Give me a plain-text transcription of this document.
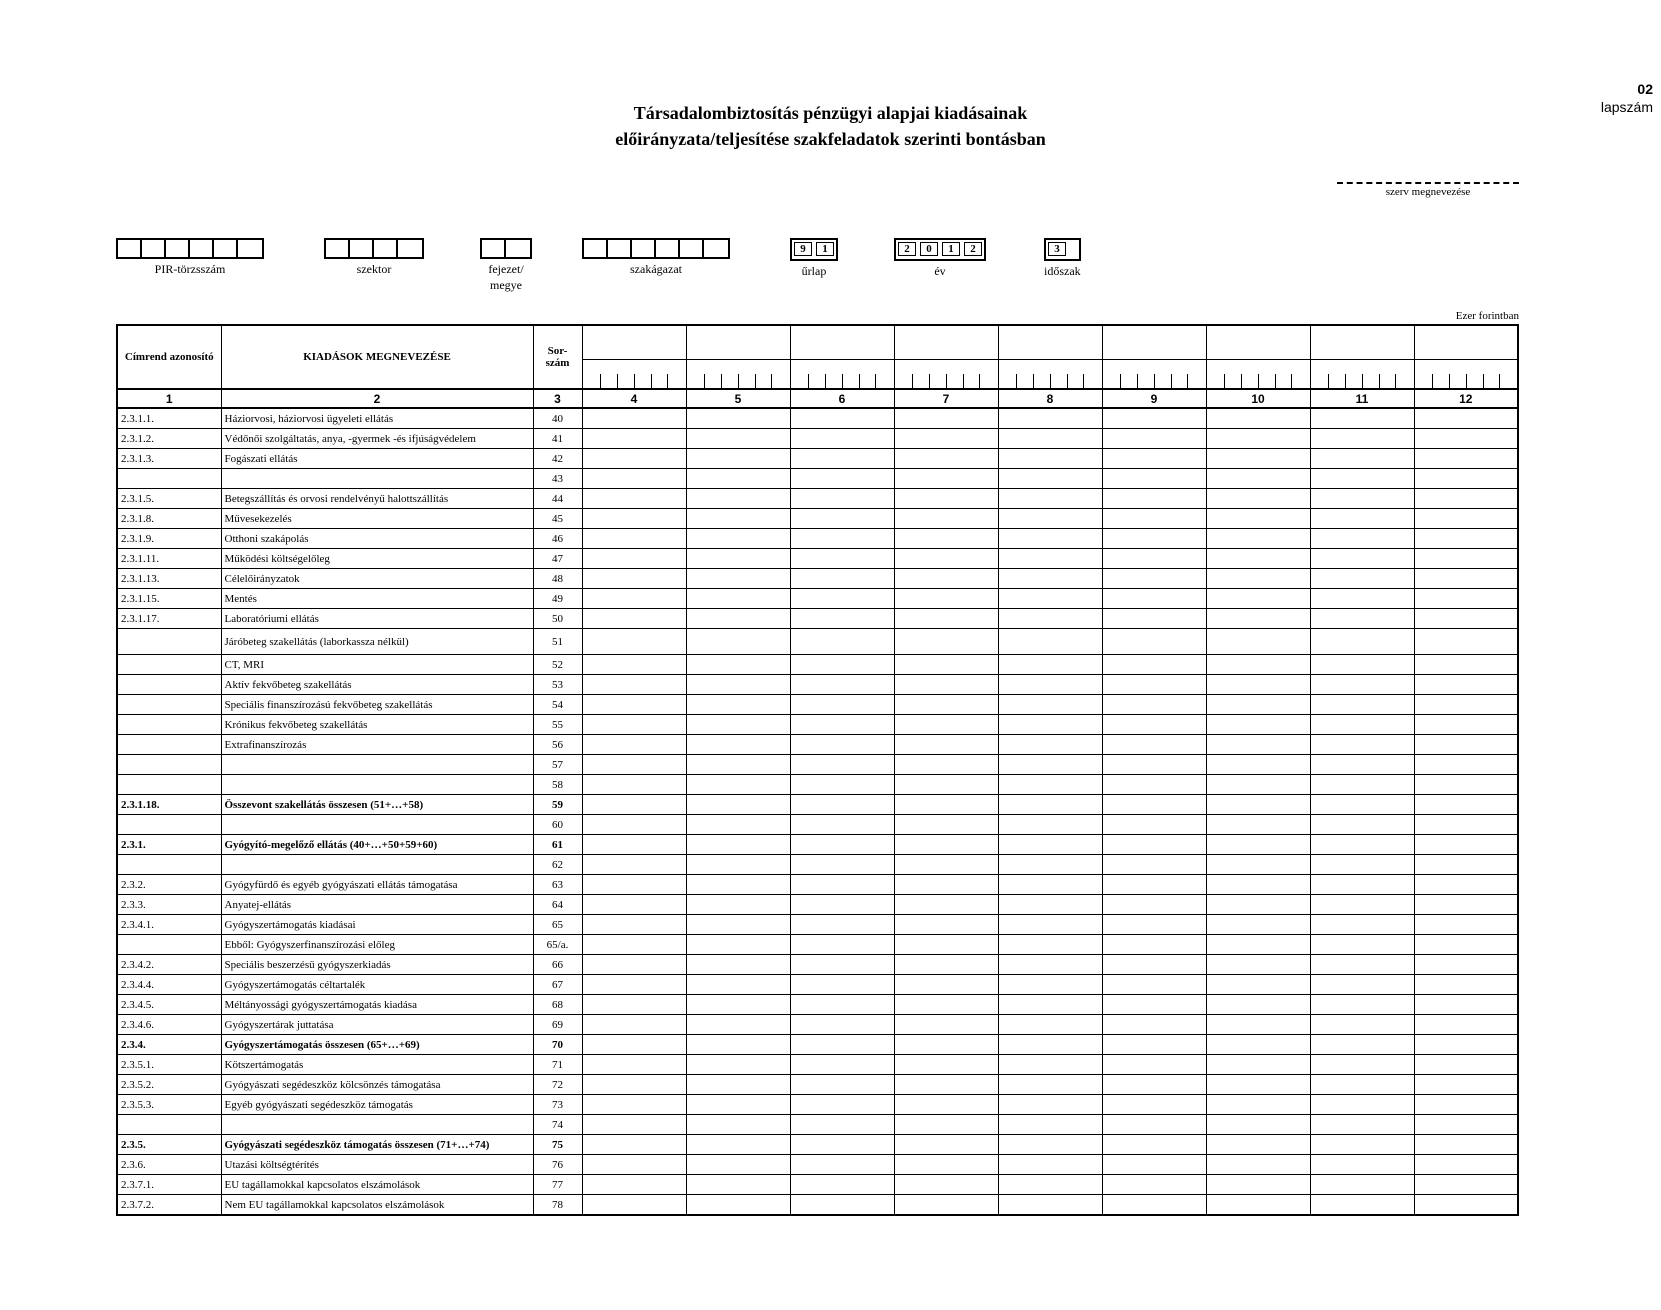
Társadalombiztosítás pénzügyi alapjai kiadásainak
előirányzata/teljesítése szakfeladatok szerinti bontásban
02
lapszám
szerv megnevezése
PIR-törzsszám	szektor	fejezet/
megye
szakágazat
9	1
űrlap
2	0	1	2
év
3
időszak
Ezer forintban
Címrend azonosító	KIADÁSOK MEGNEVEZÉSE	Sor-
szám									

1	2	3	4	5	6	7	8	9	10	11	12
2.3.1.1.	Háziorvosi, háziorvosi ügyeleti ellátás	40									
2.3.1.2.	Védőnői szolgáltatás, anya, -gyermek -és ifjúságvédelem	41									
2.3.1.3.	Fogászati ellátás	42									
		43									
2.3.1.5.	Betegszállítás és orvosi rendelvényű halottszállítás	44									
2.3.1.8.	Művesekezelés	45									
2.3.1.9.	Otthoni szakápolás	46									
2.3.1.11.	Működési költségelőleg	47									
2.3.1.13.	Célelőirányzatok	48									
2.3.1.15.	Mentés	49									
2.3.1.17.	Laboratóriumi ellátás	50									
	Járóbeteg szakellátás (laborkassza nélkül)	51									
	CT, MRI	52									
	Aktív fekvőbeteg szakellátás	53									
	Speciális finanszírozású fekvőbeteg szakellátás	54									
	Krónikus fekvőbeteg szakellátás	55									
	Extrafinanszírozás	56									
		57									
		58									
2.3.1.18.	Összevont szakellátás összesen (51+…+58)	59									
		60									
2.3.1.	Gyógyító-megelőző ellátás (40+…+50+59+60)	61									
		62									
2.3.2.	Gyógyfürdő és egyéb gyógyászati ellátás támogatása	63									
2.3.3.	Anyatej-ellátás	64									
2.3.4.1.	Gyógyszertámogatás kiadásai	65									
	Ebből: Gyógyszerfinanszírozási előleg	65/a.									
2.3.4.2.	Speciális beszerzésű gyógyszerkiadás	66									
2.3.4.4.	Gyógyszertámogatás céltartalék	67									
2.3.4.5.	Méltányossági gyógyszertámogatás kiadása	68									
2.3.4.6.	Gyógyszertárak juttatása	69									
2.3.4.	Gyógyszertámogatás összesen (65+…+69)	70									
2.3.5.1.	Kötszertámogatás	71									
2.3.5.2.	Gyógyászati segédeszköz kölcsönzés támogatása	72									
2.3.5.3.	Egyéb gyógyászati segédeszköz támogatás	73									
		74									
2.3.5.	Gyógyászati segédeszköz támogatás összesen (71+…+74)	75									
2.3.6.	Utazási költségtérítés	76									
2.3.7.1.	EU tagállamokkal kapcsolatos elszámolások	77									
2.3.7.2.	Nem EU tagállamokkal kapcsolatos elszámolások	78									
